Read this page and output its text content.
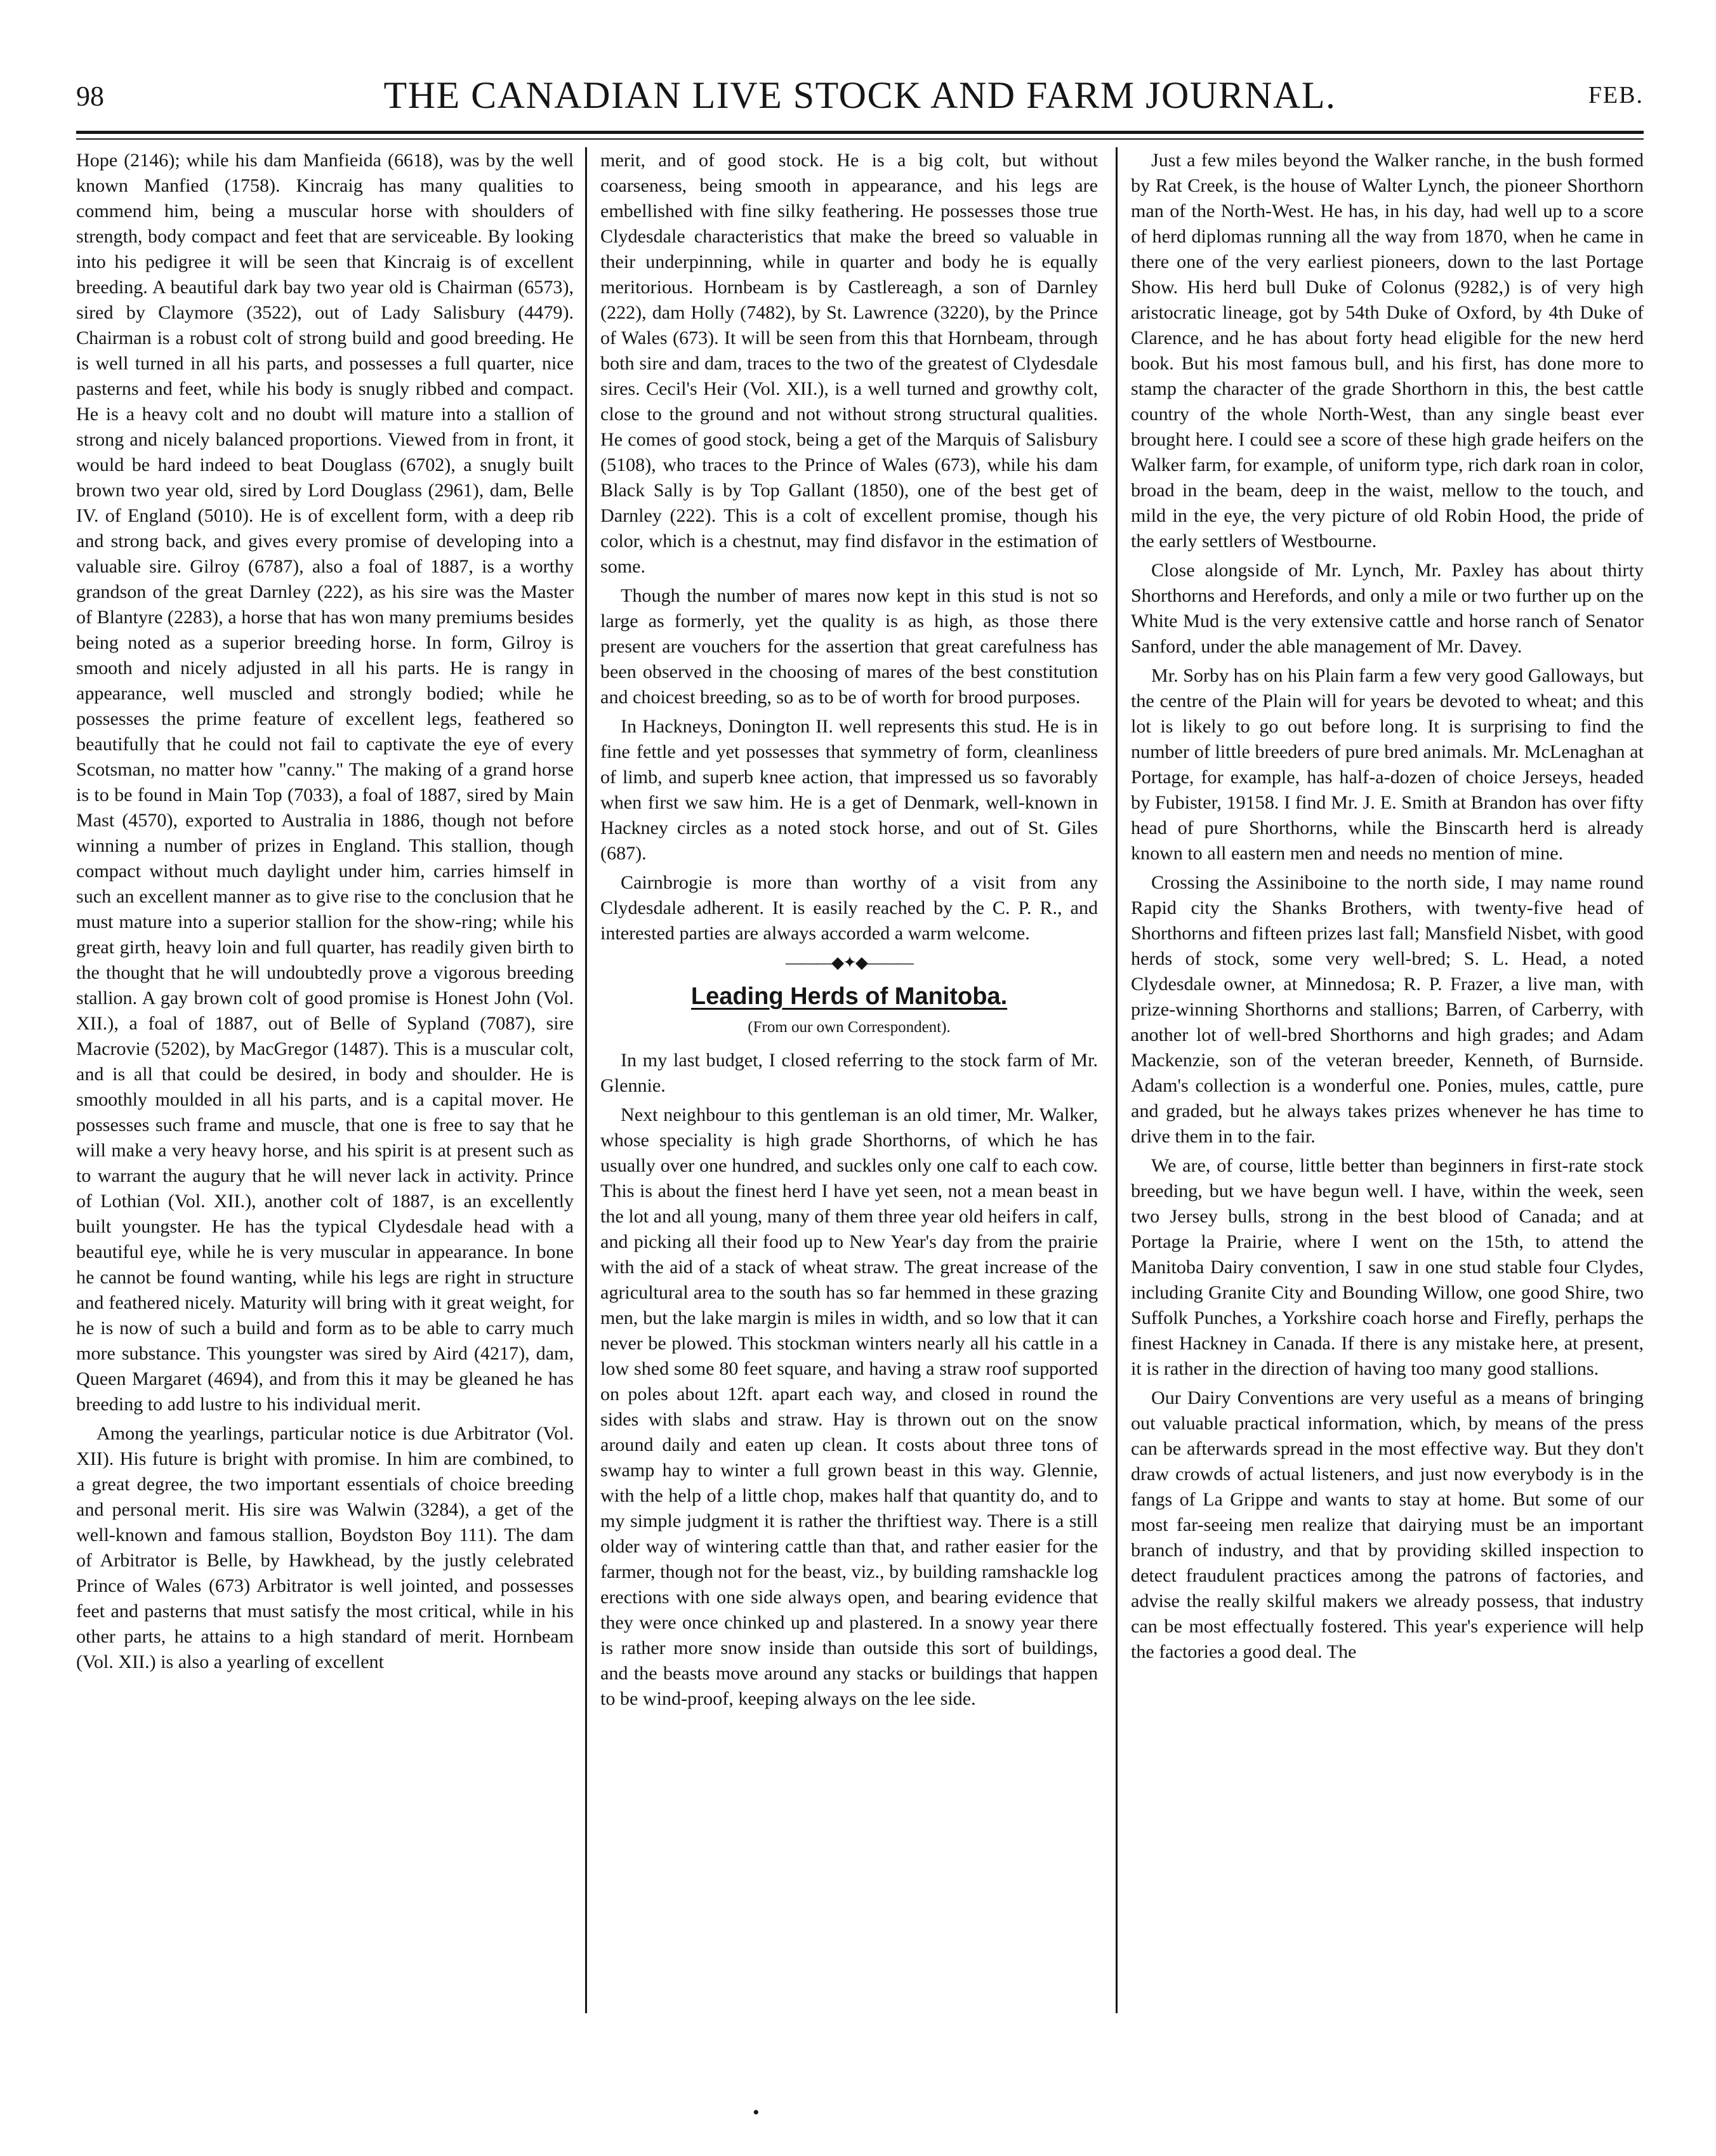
98	THE CANADIAN LIVE STOCK AND FARM JOURNAL.	FEB.

Hope (2146); while his dam Manfieida (6618), was by the well known Manfied (1758). Kincraig has many qualities to commend him, being a muscular horse with shoulders of strength, body compact and feet that are serviceable. By looking into his pedigree it will be seen that Kincraig is of excellent breeding. A beautiful dark bay two year old is Chairman (6573), sired by Claymore (3522), out of Lady Salisbury (4479). Chairman is a robust colt of strong build and good breeding. He is well turned in all his parts, and possesses a full quarter, nice pasterns and feet, while his body is snugly ribbed and compact. He is a heavy colt and no doubt will mature into a stallion of strong and nicely balanced proportions. Viewed from in front, it would be hard indeed to beat Douglass (6702), a snugly built brown two year old, sired by Lord Douglass (2961), dam, Belle IV. of England (5010). He is of excellent form, with a deep rib and strong back, and gives every promise of developing into a valuable sire. Gilroy (6787), also a foal of 1887, is a worthy grandson of the great Darnley (222), as his sire was the Master of Blantyre (2283), a horse that has won many premiums besides being noted as a superior breeding horse. In form, Gilroy is smooth and nicely adjusted in all his parts. He is rangy in appearance, well muscled and strongly bodied; while he possesses the prime feature of excellent legs, feathered so beautifully that he could not fail to captivate the eye of every Scotsman, no matter how "canny." The making of a grand horse is to be found in Main Top (7033), a foal of 1887, sired by Main Mast (4570), exported to Australia in 1886, though not before winning a number of prizes in England. This stallion, though compact without much daylight under him, carries himself in such an excellent manner as to give rise to the conclusion that he must mature into a superior stallion for the show-ring; while his great girth, heavy loin and full quarter, has readily given birth to the thought that he will undoubtedly prove a vigorous breeding stallion. A gay brown colt of good promise is Honest John (Vol. XII.), a foal of 1887, out of Belle of Sypland (7087), sire Macrovie (5202), by MacGregor (1487). This is a muscular colt, and is all that could be desired, in body and shoulder. He is smoothly moulded in all his parts, and is a capital mover. He possesses such frame and muscle, that one is free to say that he will make a very heavy horse, and his spirit is at present such as to warrant the augury that he will never lack in activity. Prince of Lothian (Vol. XII.), another colt of 1887, is an excellently built youngster. He has the typical Clydesdale head with a beautiful eye, while he is very muscular in appearance. In bone he cannot be found wanting, while his legs are right in structure and feathered nicely. Maturity will bring with it great weight, for he is now of such a build and form as to be able to carry much more substance. This youngster was sired by Aird (4217), dam, Queen Margaret (4694), and from this it may be gleaned he has breeding to add lustre to his individual merit.

Among the yearlings, particular notice is due Arbitrator (Vol. XII). His future is bright with promise. In him are combined, to a great degree, the two important essentials of choice breeding and personal merit. His sire was Walwin (3284), a get of the well-known and famous stallion, Boydston Boy 111). The dam of Arbitrator is Belle, by Hawkhead, by the justly celebrated Prince of Wales (673) Arbitrator is well jointed, and possesses feet and pasterns that must satisfy the most critical, while in his other parts, he attains to a high standard of merit. Hornbeam (Vol. XII.) is also a yearling of excellent

merit, and of good stock. He is a big colt, but without coarseness, being smooth in appearance, and his legs are embellished with fine silky feathering. He possesses those true Clydesdale characteristics that make the breed so valuable in their underpinning, while in quarter and body he is equally meritorious. Hornbeam is by Castlereagh, a son of Darnley (222), dam Holly (7482), by St. Lawrence (3220), by the Prince of Wales (673). It will be seen from this that Hornbeam, through both sire and dam, traces to the two of the greatest of Clydesdale sires. Cecil's Heir (Vol. XII.), is a well turned and growthy colt, close to the ground and not without strong structural qualities. He comes of good stock, being a get of the Marquis of Salisbury (5108), who traces to the Prince of Wales (673), while his dam Black Sally is by Top Gallant (1850), one of the best get of Darnley (222). This is a colt of excellent promise, though his color, which is a chestnut, may find disfavor in the estimation of some.

Though the number of mares now kept in this stud is not so large as formerly, yet the quality is as high, as those there present are vouchers for the assertion that great carefulness has been observed in the choosing of mares of the best constitution and choicest breeding, so as to be of worth for brood purposes.

In Hackneys, Donington II. well represents this stud. He is in fine fettle and yet possesses that symmetry of form, cleanliness of limb, and superb knee action, that impressed us so favorably when first we saw him. He is a get of Denmark, well-known in Hackney circles as a noted stock horse, and out of St. Giles (687).

Cairnbrogie is more than worthy of a visit from any Clydesdale adherent. It is easily reached by the C. P. R., and interested parties are always accorded a warm welcome.

———◆✦◆———
Leading Herds of Manitoba.
(From our own Correspondent).

In my last budget, I closed referring to the stock farm of Mr. Glennie.

Next neighbour to this gentleman is an old timer, Mr. Walker, whose speciality is high grade Shorthorns, of which he has usually over one hundred, and suckles only one calf to each cow. This is about the finest herd I have yet seen, not a mean beast in the lot and all young, many of them three year old heifers in calf, and picking all their food up to New Year's day from the prairie with the aid of a stack of wheat straw. The great increase of the agricultural area to the south has so far hemmed in these grazing men, but the lake margin is miles in width, and so low that it can never be plowed. This stockman winters nearly all his cattle in a low shed some 80 feet square, and having a straw roof supported on poles about 12ft. apart each way, and closed in round the sides with slabs and straw. Hay is thrown out on the snow around daily and eaten up clean. It costs about three tons of swamp hay to winter a full grown beast in this way. Glennie, with the help of a little chop, makes half that quantity do, and to my simple judgment it is rather the thriftiest way. There is a still older way of wintering cattle than that, and rather easier for the farmer, though not for the beast, viz., by building ramshackle log erections with one side always open, and bearing evidence that they were once chinked up and plastered. In a snowy year there is rather more snow inside than outside this sort of buildings, and the beasts move around any stacks or buildings that happen to be wind-proof, keeping always on the lee side.

Just a few miles beyond the Walker ranche, in the bush formed by Rat Creek, is the house of Walter Lynch, the pioneer Shorthorn man of the North-West. He has, in his day, had well up to a score of herd diplomas running all the way from 1870, when he came in there one of the very earliest pioneers, down to the last Portage Show. His herd bull Duke of Colonus (9282,) is of very high aristocratic lineage, got by 54th Duke of Oxford, by 4th Duke of Clarence, and he has about forty head eligible for the new herd book. But his most famous bull, and his first, has done more to stamp the character of the grade Shorthorn in this, the best cattle country of the whole North-West, than any single beast ever brought here. I could see a score of these high grade heifers on the Walker farm, for example, of uniform type, rich dark roan in color, broad in the beam, deep in the waist, mellow to the touch, and mild in the eye, the very picture of old Robin Hood, the pride of the early settlers of Westbourne.

Close alongside of Mr. Lynch, Mr. Paxley has about thirty Shorthorns and Herefords, and only a mile or two further up on the White Mud is the very extensive cattle and horse ranch of Senator Sanford, under the able management of Mr. Davey.

Mr. Sorby has on his Plain farm a few very good Galloways, but the centre of the Plain will for years be devoted to wheat; and this lot is likely to go out before long. It is surprising to find the number of little breeders of pure bred animals. Mr. McLenaghan at Portage, for example, has half-a-dozen of choice Jerseys, headed by Fubister, 19158. I find Mr. J. E. Smith at Brandon has over fifty head of pure Shorthorns, while the Binscarth herd is already known to all eastern men and needs no mention of mine.

Crossing the Assiniboine to the north side, I may name round Rapid city the Shanks Brothers, with twenty-five head of Shorthorns and fifteen prizes last fall; Mansfield Nisbet, with good herds of stock, some very well-bred; S. L. Head, a noted Clydesdale owner, at Minnedosa; R. P. Frazer, a live man, with prize-winning Shorthorns and stallions; Barren, of Carberry, with another lot of well-bred Shorthorns and high grades; and Adam Mackenzie, son of the veteran breeder, Kenneth, of Burnside. Adam's collection is a wonderful one. Ponies, mules, cattle, pure and graded, but he always takes prizes whenever he has time to drive them in to the fair.

We are, of course, little better than beginners in first-rate stock breeding, but we have begun well. I have, within the week, seen two Jersey bulls, strong in the best blood of Canada; and at Portage la Prairie, where I went on the 15th, to attend the Manitoba Dairy convention, I saw in one stud stable four Clydes, including Granite City and Bounding Willow, one good Shire, two Suffolk Punches, a Yorkshire coach horse and Firefly, perhaps the finest Hackney in Canada. If there is any mistake here, at present, it is rather in the direction of having too many good stallions.

Our Dairy Conventions are very useful as a means of bringing out valuable practical information, which, by means of the press can be afterwards spread in the most effective way. But they don't draw crowds of actual listeners, and just now everybody is in the fangs of La Grippe and wants to stay at home. But some of our most far-seeing men realize that dairying must be an important branch of industry, and that by providing skilled inspection to detect fraudulent practices among the patrons of factories, and advise the really skilful makers we already possess, that industry can be most effectually fostered. This year's experience will help the factories a good deal. The

•
